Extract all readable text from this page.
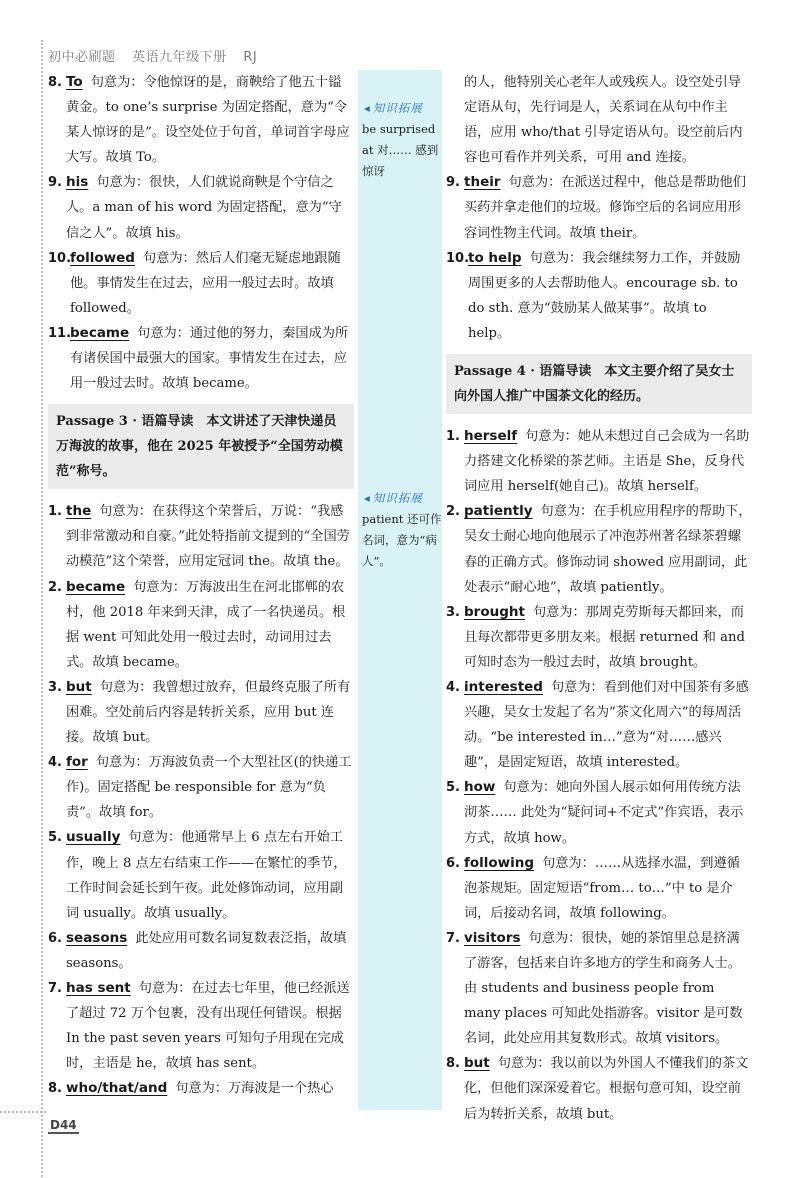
初中必刷题 英语九年级下册 RJ
◂ 知识拓展
be surprised at 对…… 感到惊讶
◂ 知识拓展
patient 还可作名词，意为“病人”。
8. To 句意为：令他惊讶的是，商鞅给了他五十镒黄金。to one’s surprise 为固定搭配，意为“令某人惊讶的是”。设空处位于句首，单词首字母应大写。故填 To。
9. his 句意为：很快，人们就说商鞅是个守信之人。a man of his word 为固定搭配，意为“守信之人”。故填 his。
10.
followed 句意为：然后人们毫无疑虑地跟随他。事情发生在过去，应用一般过去时。故填 followed。
11.
became 句意为：通过他的努力，秦国成为所有诸侯国中最强大的国家。事情发生在过去，应用一般过去时。故填 became。
Passage 3 · 语篇导读　本文讲述了天津快递员万海波的故事，他在 2025 年被授予“全国劳动模范”称号。
1. the 句意为：在获得这个荣誉后，万说：“我感到非常激动和自豪。”此处特指前文提到的“全国劳动模范”这个荣誉，应用定冠词 the。故填 the。
2. became 句意为：万海波出生在河北邯郸的农村，他 2018 年来到天津，成了一名快递员。根据 went 可知此处用一般过去时，动词用过去式。故填 became。
3. but 句意为：我曾想过放弃，但最终克服了所有困难。空处前后内容是转折关系，应用 but 连接。故填 but。
4. for 句意为：万海波负责一个大型社区(的快递工作)。固定搭配 be responsible for 意为“负责”。故填 for。
5. usually 句意为：他通常早上 6 点左右开始工作，晚上 8 点左右结束工作——在繁忙的季节，工作时间会延长到午夜。此处修饰动词，应用副词 usually。故填 usually。
6. seasons 此处应用可数名词复数表泛指，故填 seasons。
7. has sent 句意为：在过去七年里，他已经派送了超过 72 万个包裹，没有出现任何错误。根据 In the past seven years 可知句子用现在完成时，主语是 he，故填 has sent。
8. who/that/and 句意为：万海波是一个热心
的人，他特别关心老年人或残疾人。设空处引导定语从句，先行词是人，关系词在从句中作主语，应用 who/that 引导定语从句。设空前后内容也可看作并列关系，可用 and 连接。
9. their 句意为：在派送过程中，他总是帮助他们买药并拿走他们的垃圾。修饰空后的名词应用形容词性物主代词。故填 their。
10.
to help 句意为：我会继续努力工作，并鼓励周围更多的人去帮助他人。encourage sb. to do sth. 意为“鼓励某人做某事”。故填 to help。
Passage 4 · 语篇导读　本文主要介绍了吴女士向外国人推广中国茶文化的经历。
1. herself 句意为：她从未想过自己会成为一名助力搭建文化桥梁的茶艺师。主语是 She，反身代词应用 herself(她自己)。故填 herself。
2. patiently 句意为：在手机应用程序的帮助下，吴女士耐心地向他展示了冲泡苏州著名绿茶碧螺春的正确方式。修饰动词 showed 应用副词，此处表示“耐心地”，故填 patiently。
3. brought 句意为：那周克劳斯每天都回来，而且每次都带更多朋友来。根据 returned 和 and 可知时态为一般过去时，故填 brought。
4. interested 句意为：看到他们对中国茶有多感兴趣，吴女士发起了名为“茶文化周六”的每周活动。“be interested in…”意为“对……感兴趣”，是固定短语，故填 interested。
5. how 句意为：她向外国人展示如何用传统方法沏茶…… 此处为“疑问词+不定式”作宾语，表示方式，故填 how。
6. following 句意为：……从选择水温，到遵循泡茶规矩。固定短语“from… to…”中 to 是介词，后接动名词，故填 following。
7. visitors 句意为：很快，她的茶馆里总是挤满了游客，包括来自许多地方的学生和商务人士。由 students and business people from many places 可知此处指游客。visitor 是可数名词，此处应用其复数形式。故填 visitors。
8. but 句意为：我以前以为外国人不懂我们的茶文化，但他们深深爱着它。根据句意可知，设空前后为转折关系，故填 but。
D44
